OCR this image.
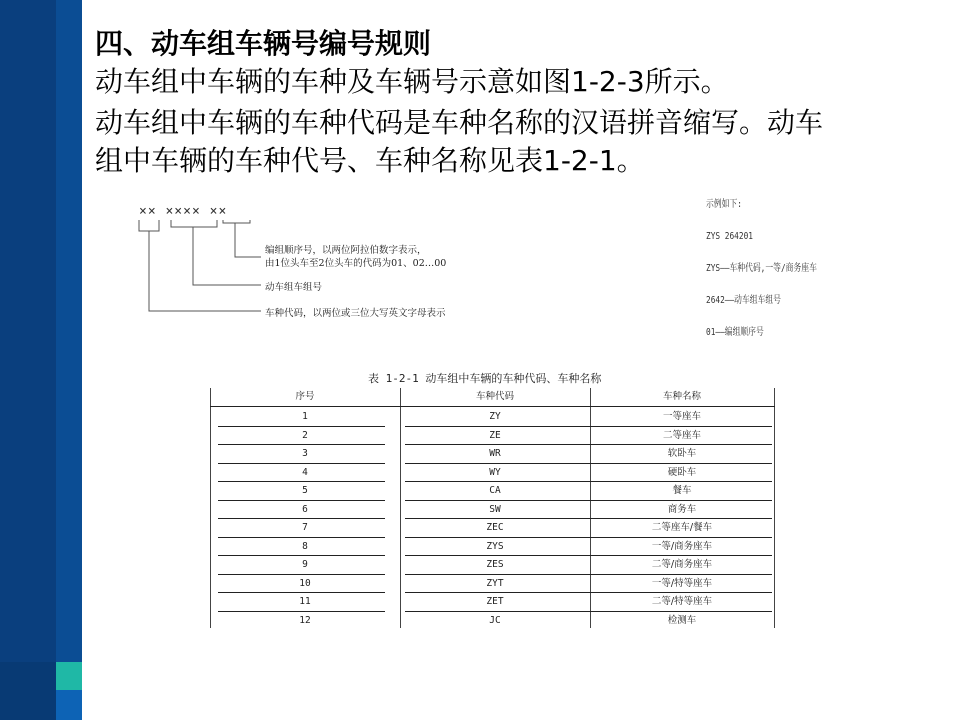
四、动车组车辆号编号规则
动车组中车辆的车种及车辆号示意如图1-2-3所示。
动车组中车辆的车种代码是车种名称的汉语拼音缩写。动车
组中车辆的车种代号、车种名称见表1-2-1。
×× ×××× ××
编组顺序号，以两位阿拉伯数字表示，
由1位头车至2位头车的代码为01、02…00
动车组车组号
车种代码，以两位或三位大写英文字母表示
示例如下:
ZYS 264201
ZYS——车种代码,一等/商务座车
2642——动车组车组号
01——编组顺序号
表 1-2-1 动车组中车辆的车种代码、车种名称
序号	车种代码	车种名称
1	ZY	一等座车
2	ZE	二等座车
3	WR	软卧车
4	WY	硬卧车
5	CA	餐车
6	SW	商务车
7	ZEC	二等座车/餐车
8	ZYS	一等/商务座车
9	ZES	二等/商务座车
10	ZYT	一等/特等座车
11	ZET	二等/特等座车
12	JC	检测车
